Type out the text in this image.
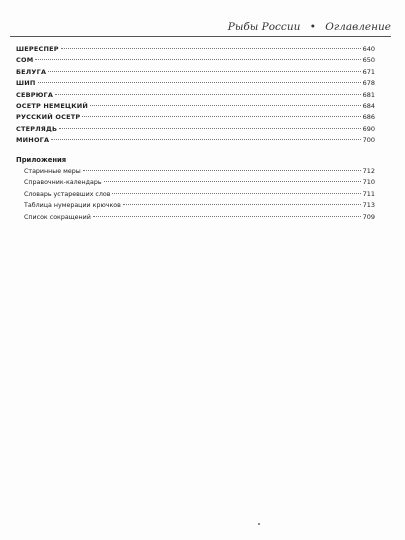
Рыбы России • Оглавление
ШЕРЕСПЕР	640
СОМ	650
БЕЛУГА	671
ШИП	678
СЕВРЮГА	681
ОСЕТР НЕМЕЦКИЙ	684
РУССКИЙ ОСЕТР	686
СТЕРЛЯДЬ	690
МИНОГА	700
Приложения
Старинные меры	712
Справочник-календарь	710
Словарь устаревших слов	711
Таблица нумерации крючков	713
Список сокращений	709
